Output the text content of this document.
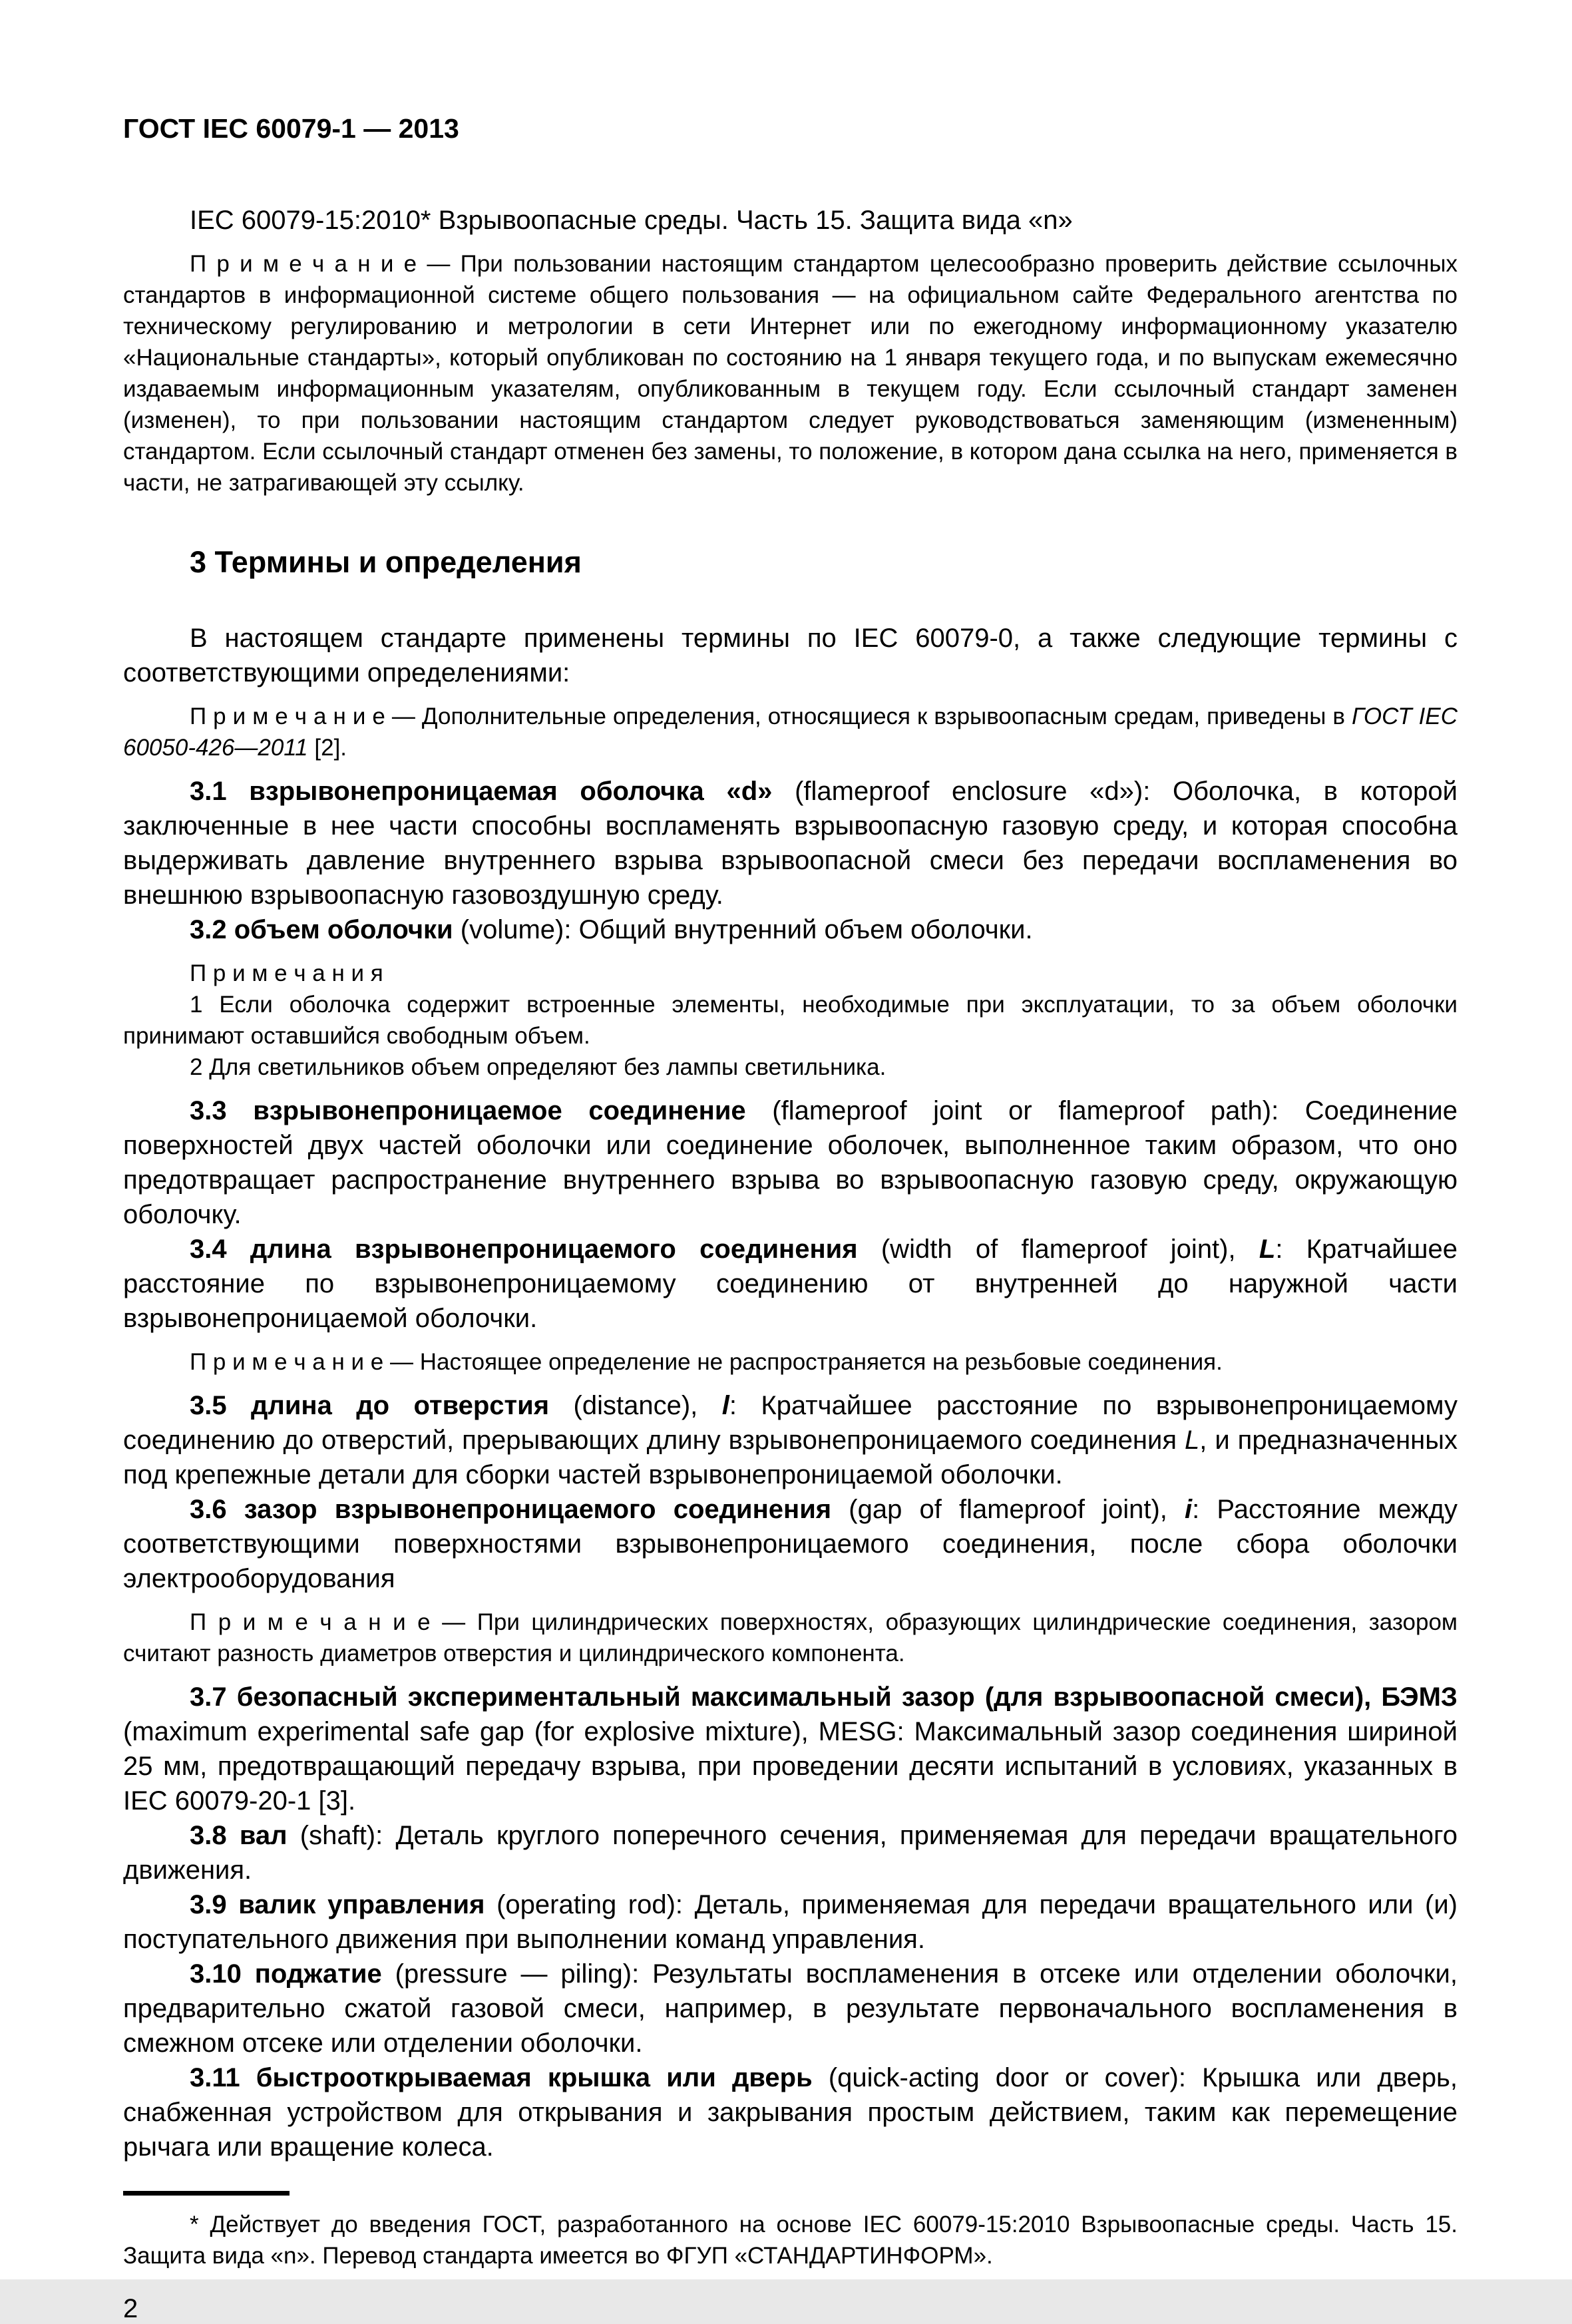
ГОСТ IEC 60079-1 — 2013

IEC 60079-15:2010* Взрывоопасные среды. Часть 15. Защита вида «n»

П р и м е ч а н и е — При пользовании настоящим стандартом целесообразно проверить действие ссылочных стандартов в информационной системе общего пользования — на официальном сайте Федерального агентства по техническому регулированию и метрологии в сети Интернет или по ежегодному информационному указателю «Национальные стандарты», который опубликован по состоянию на 1 января текущего года, и по выпускам ежемесячно издаваемым информационным указателям, опубликованным в текущем году. Если ссылочный стандарт заменен (изменен), то при пользовании настоящим стандартом следует руководствоваться заменяющим (измененным) стандартом. Если ссылочный стандарт отменен без замены, то положение, в котором дана ссылка на него, применяется в части, не затрагивающей эту ссылку.

3 Термины и определения

В настоящем стандарте применены термины по IEC 60079-0, а также следующие термины с соответствующими определениями:

П р и м е ч а н и е — Дополнительные определения, относящиеся к взрывоопасным средам, приведены в ГОСТ IEC 60050-426—2011 [2].

3.1 взрывонепроницаемая оболочка «d» (flameproof enclosure «d»): Оболочка, в которой заключенные в нее части способны воспламенять взрывоопасную газовую среду, и которая способна выдерживать давление внутреннего взрыва взрывоопасной смеси без передачи воспламенения во внешнюю взрывоопасную газовоздушную среду.

3.2 объем оболочки (volume): Общий внутренний объем оболочки.

П р и м е ч а н и я

1 Если оболочка содержит встроенные элементы, необходимые при эксплуатации, то за объем оболочки принимают оставшийся свободным объем.

2 Для светильников объем определяют без лампы светильника.

3.3 взрывонепроницаемое соединение (flameproof joint or flameproof path): Соединение поверхностей двух частей оболочки или соединение оболочек, выполненное таким образом, что оно предотвращает распространение внутреннего взрыва во взрывоопасную газовую среду, окружающую оболочку.

3.4 длина взрывонепроницаемого соединения (width of flameproof joint), L: Кратчайшее расстояние по взрывонепроницаемому соединению от внутренней до наружной части взрывонепроницаемой оболочки.

П р и м е ч а н и е — Настоящее определение не распространяется на резьбовые соединения.

3.5 длина до отверстия (distance), l: Кратчайшее расстояние по взрывонепроницаемому соединению до отверстий, прерывающих длину взрывонепроницаемого соединения L, и предназначенных под крепежные детали для сборки частей взрывонепроницаемой оболочки.

3.6 зазор взрывонепроницаемого соединения (gap of flameproof joint), i: Расстояние между соответствующими поверхностями взрывонепроницаемого соединения, после сбора оболочки электрооборудования

П р и м е ч а н и е — При цилиндрических поверхностях, образующих цилиндрические соединения, зазором считают разность диаметров отверстия и цилиндрического компонента.

3.7 безопасный экспериментальный максимальный зазор (для взрывоопасной смеси), БЭМЗ (maximum experimental safe gap (for explosive mixture), MESG: Максимальный зазор соединения шириной 25 мм, предотвращающий передачу взрыва, при проведении десяти испытаний в условиях, указанных в IEC 60079-20-1 [3].

3.8 вал (shaft): Деталь круглого поперечного сечения, применяемая для передачи вращательного движения.

3.9 валик управления (operating rod): Деталь, применяемая для передачи вращательного или (и) поступательного движения при выполнении команд управления.

3.10 поджатие (pressure — piling): Результаты воспламенения в отсеке или отделении оболочки, предварительно сжатой газовой смеси, например, в результате первоначального воспламенения в смежном отсеке или отделении оболочки.

3.11 быстрооткрываемая крышка или дверь (quick-acting door or cover): Крышка или дверь, снабженная устройством для открывания и закрывания простым действием, таким как перемещение рычага или вращение колеса.

* Действует до введения ГОСТ, разработанного на основе IEC 60079-15:2010 Взрывоопасные среды. Часть 15. Защита вида «n». Перевод стандарта имеется во ФГУП «СТАНДАРТИНФОРМ».

2
